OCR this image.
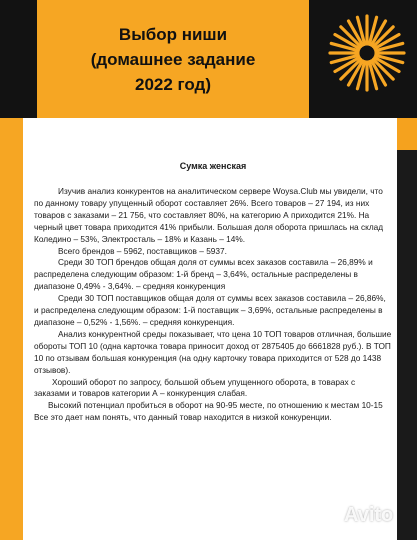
Выбор ниши
(домашнее задание
2022 год)
Сумка женская

Изучив анализ конкурентов на аналитическом сервере Woysa.Club мы увидели, что по данному товару упущенный оборот составляет 26%. Всего товаров – 27 194, из них товаров с заказами – 21 756, что составляет 80%, на категорию А приходится 21%. На черный цвет товара приходится 41% прибыли. Большая доля оборота пришлась на склад Коледино – 53%, Электросталь – 18% и Казань – 14%.

Всего брендов – 5962, поставщиков – 5937.

Среди 30 ТОП брендов общая доля от суммы всех заказов составила – 26,89% и распределена следующим образом: 1-й бренд – 3,64%, остальные распределены в диапазоне 0,49% - 3,64%. – средняя конкуренция

Среди 30 ТОП поставщиков общая доля от суммы всех заказов составила – 26,86%, и распределена следующим образом: 1-й поставщик – 3,69%, остальные распределены в диапазоне – 0,52% - 1,56%. – средняя конкуренция.

Анализ конкурентной среды показывает, что цена 10 ТОП товаров отличная, большие обороты ТОП 10 (одна карточка товара приносит доход от 2875405 до 6661828 руб.). В ТОП 10 по отзывам большая конкуренция (на одну карточку товара приходится от 528 до 1438 отзывов).

Хороший оборот по запросу, большой объем упущенного оборота, в товарах с заказами и товаров категории А – конкуренция слабая.

Высокий потенциал пробиться в оборот на 90-95 месте, по отношению к местам 10-15

Все это дает нам понять, что данный товар находится в низкой конкуренции.

Avito
